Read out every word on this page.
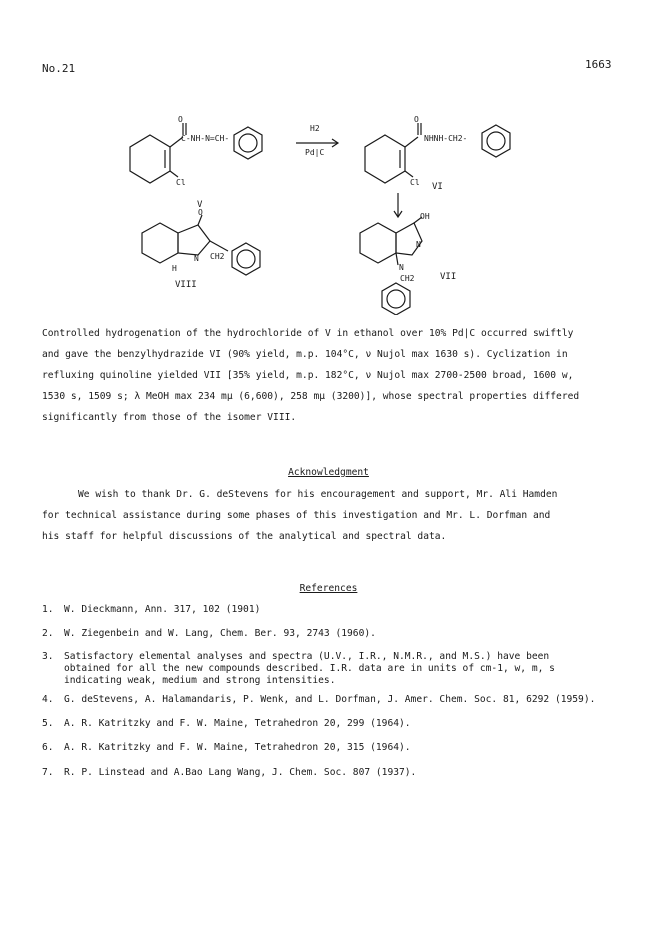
No.21	1663
O
C-NH-N=CH-
Cl
V
H2
Pd|C
O
NHNH-CH2-
Cl VI
O
N
H
CH2
VIII
OH
N
N
CH2	VII
Controlled hydrogenation of the hydrochloride of V in ethanol over 10% Pd|C occurred swiftly
and gave the benzylhydrazide VI (90% yield, m.p. 104°C, ν Nujol max 1630 s). Cyclization in
refluxing quinoline yielded VII [35% yield, m.p. 182°C, ν Nujol max 2700-2500 broad, 1600 w,
1530 s, 1509 s; λ MeOH max 234 mμ (6,600), 258 mμ (3200)], whose spectral properties differed
significantly from those of the isomer VIII.
Acknowledgment
We wish to thank Dr. G. deStevens for his encouragement and support, Mr. Ali Hamden
for technical assistance during some phases of this investigation and Mr. L. Dorfman and
his staff for helpful discussions of the analytical and spectral data.
References
1. W. Dieckmann, Ann. 317, 102 (1901)
2. W. Ziegenbein and W. Lang, Chem. Ber. 93, 2743 (1960).
3. Satisfactory elemental analyses and spectra (U.V., I.R., N.M.R., and M.S.) have been
obtained for all the new compounds described. I.R. data are in units of cm-1, w, m, s
indicating weak, medium and strong intensities.
4. G. deStevens, A. Halamandaris, P. Wenk, and L. Dorfman, J. Amer. Chem. Soc. 81, 6292 (1959).
5. A. R. Katritzky and F. W. Maine, Tetrahedron 20, 299 (1964).
6. A. R. Katritzky and F. W. Maine, Tetrahedron 20, 315 (1964).
7. R. P. Linstead and A.Bao Lang Wang, J. Chem. Soc. 807 (1937).
